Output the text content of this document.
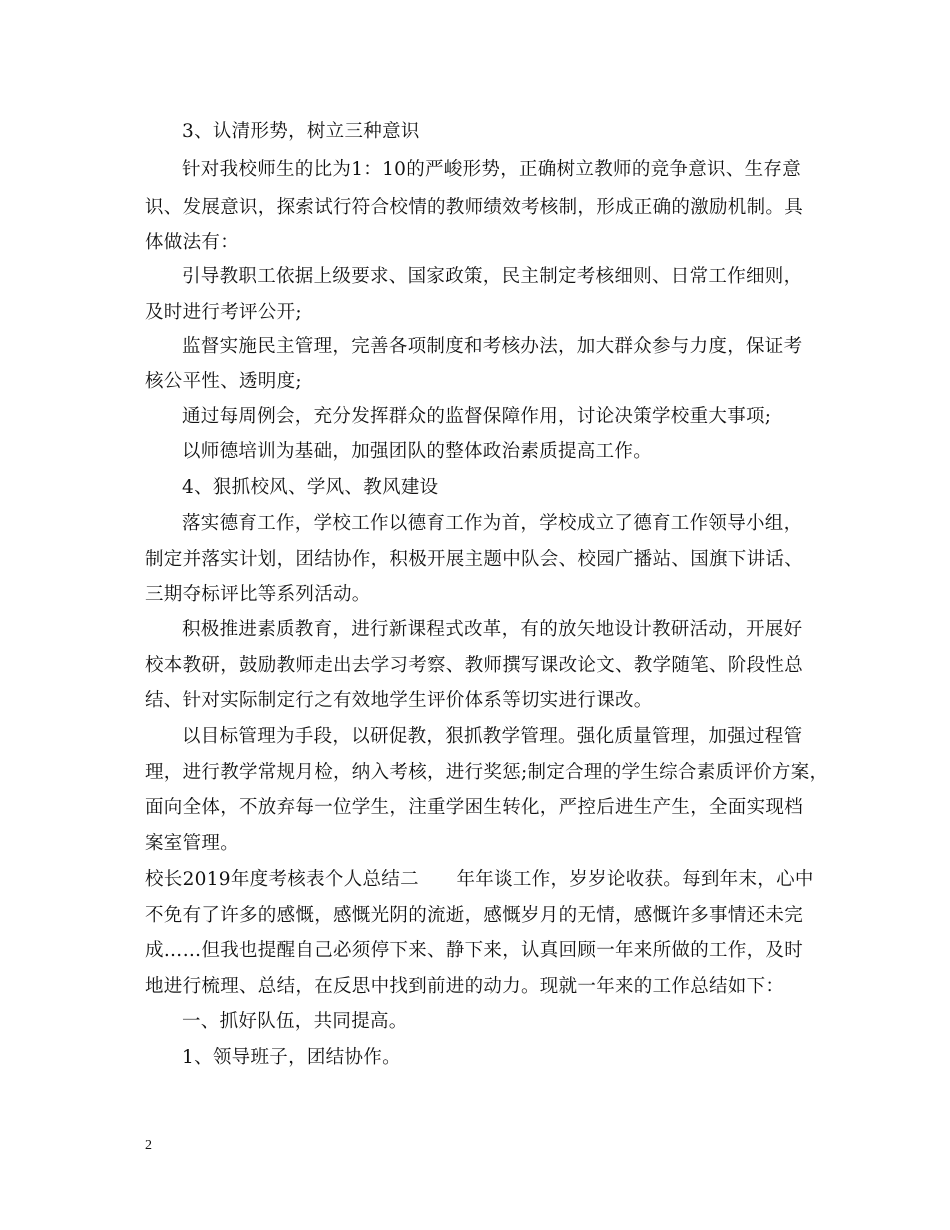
3、认清形势，树立三种意识
针对我校师生的比为1：10的严峻形势，正确树立教师的竞争意识、生存意
识、发展意识，探索试行符合校情的教师绩效考核制，形成正确的激励机制。具
体做法有：
引导教职工依据上级要求、国家政策，民主制定考核细则、日常工作细则，
及时进行考评公开;
监督实施民主管理，完善各项制度和考核办法，加大群众参与力度，保证考
核公平性、透明度;
通过每周例会，充分发挥群众的监督保障作用，讨论决策学校重大事项;
以师德培训为基础，加强团队的整体政治素质提高工作。
4、狠抓校风、学风、教风建设
落实德育工作，学校工作以德育工作为首，学校成立了德育工作领导小组，
制定并落实计划，团结协作，积极开展主题中队会、校园广播站、国旗下讲话、
三期夺标评比等系列活动。
积极推进素质教育，进行新课程式改革，有的放矢地设计教研活动，开展好
校本教研，鼓励教师走出去学习考察、教师撰写课改论文、教学随笔、阶段性总
结、针对实际制定行之有效地学生评价体系等切实进行课改。
以目标管理为手段，以研促教，狠抓教学管理。强化质量管理，加强过程管
理，进行教学常规月检，纳入考核，进行奖惩;制定合理的学生综合素质评价方案，
面向全体，不放弃每一位学生，注重学困生转化，严控后进生产生，全面实现档
案室管理。
校长2019年度考核表个人总结二　　年年谈工作，岁岁论收获。每到年末，心中
不免有了许多的感慨，感慨光阴的流逝，感慨岁月的无情，感慨许多事情还未完
成……但我也提醒自己必须停下来、静下来，认真回顾一年来所做的工作，及时
地进行梳理、总结，在反思中找到前进的动力。现就一年来的工作总结如下：
一、抓好队伍，共同提高。
1、领导班子，团结协作。
2
